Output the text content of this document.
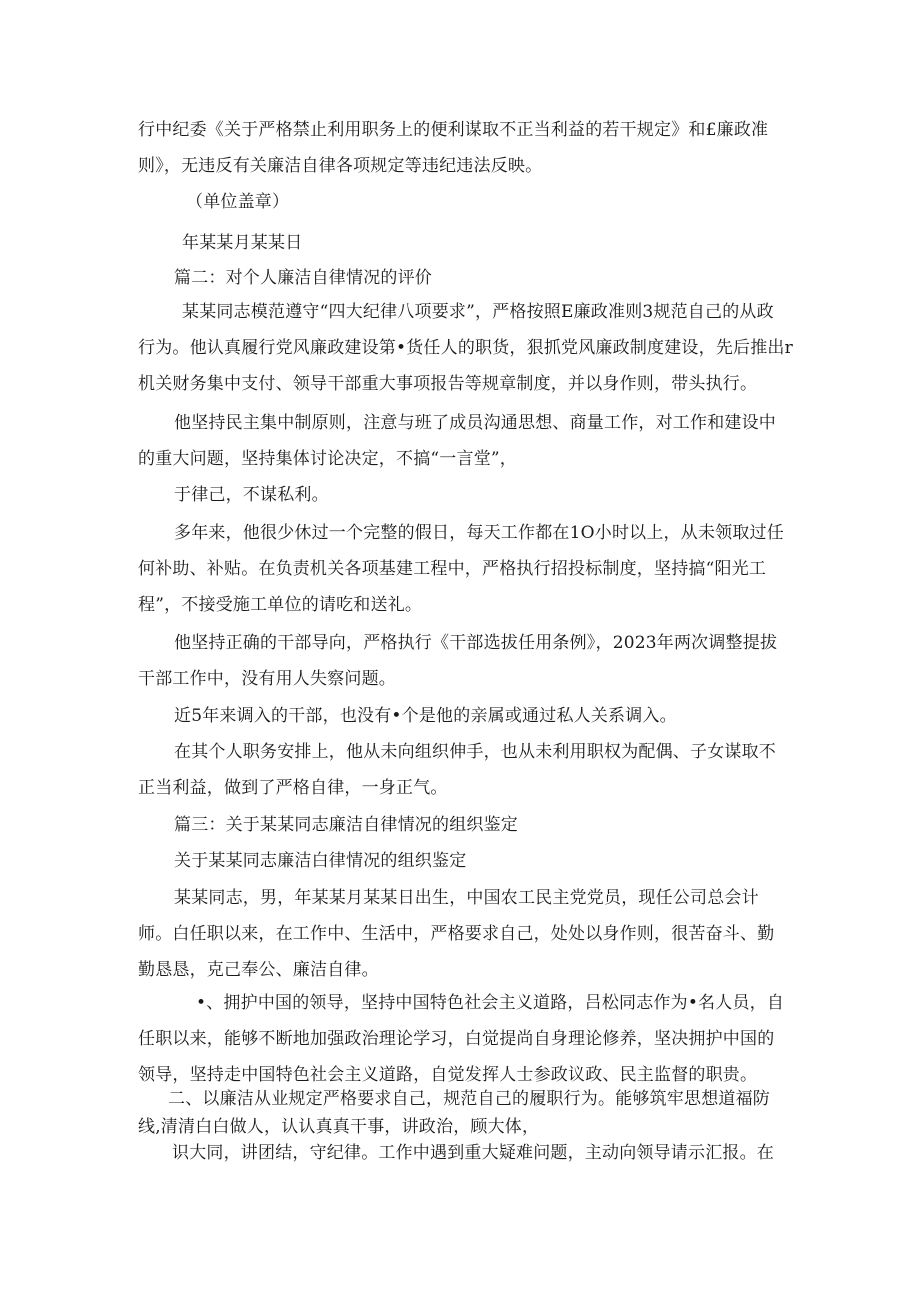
行中纪委《关于严格禁止利用职务上的便利谋取不正当利益的若干规定》和£廉政准
则》，无违反有关廉洁自律各项规定等违纪违法反映。
（单位盖章）
年某某月某某日
篇二：对个人廉洁自律情况的评价
某某同志模范遵守“四大纪律八项要求”，严格按照E廉政准则3规范自己的从政
行为。他认真履行党风廉政建设第•货任人的职货，狠抓党风廉政制度建设，先后推出r
机关财务集中支付、领导干部重大事项报告等规章制度，并以身作则，带头执行。
他坚持民主集中制原则，注意与班了成员沟通思想、商量工作，对工作和建设中
的重大问题，坚持集体讨论决定，不搞“一言堂”，
于律己，不谋私利。
多年来，他很少休过一个完整的假日，每天工作都在1O小时以上，从未领取过任
何补助、补贴。在负责机关各项基建工程中，严格执行招投标制度，坚持搞“阳光工
程”，不接受施工单位的请吃和送礼。
他坚持正确的干部导向，严格执行《干部选拔任用条例》，2023年两次调整提拔
干部工作中，没有用人失察问题。
近5年来调入的干部，也没有•个是他的亲属或通过私人关系调入。
在其个人职务安排上，他从未向组织伸手，也从未利用职权为配偶、子女谋取不
正当利益，做到了严格自律，一身正气。
篇三：关于某某同志廉洁自律情况的组织鉴定
关于某某同志廉洁白律情况的组织鉴定
某某同志，男，年某某月某某日出生，中国农工民主党党员，现任公司总会计
师。白任职以来，在工作中、生活中，严格要求自己，处处以身作则，很苦奋斗、勤
勤恳恳，克己奉公、廉洁自律。
•、拥护中国的领导，坚持中国特色社会主义道路，吕松同志作为•名人员，自
任职以来，能够不断地加强政治理论学习，白觉提尚自身理论修养，坚决拥护中国的
领导，坚持走中国特色社会主义道路，自觉发挥人士参政议政、民主监督的职贵。
二、以廉洁从业规定严格要求自己，规范自己的履职行为。能够筑牢思想道福防
线,清清白白做人，认认真真干事，讲政治，顾大体，
识大同，讲团结，守纪律。工作中遇到重大疑难问题，主动向领导请示汇报。在
